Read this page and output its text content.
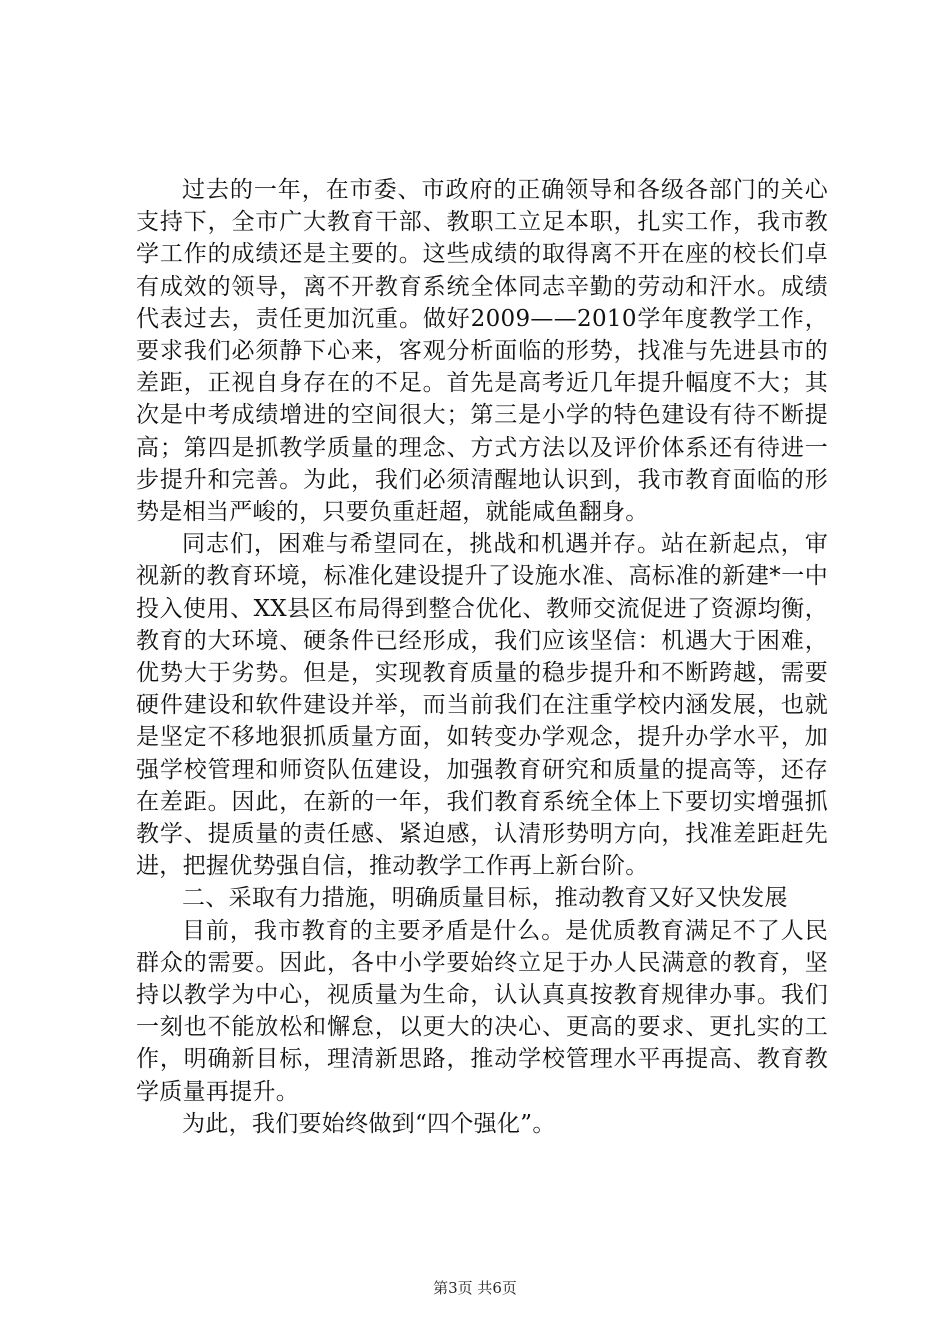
过去的一年，在市委、市政府的正确领导和各级各部门的关心支持下，全市广大教育干部、教职工立足本职，扎实工作，我市教学工作的成绩还是主要的。这些成绩的取得离不开在座的校长们卓有成效的领导，离不开教育系统全体同志辛勤的劳动和汗水。成绩代表过去，责任更加沉重。做好2009——2010学年度教学工作，要求我们必须静下心来，客观分析面临的形势，找准与先进县市的差距，正视自身存在的不足。首先是高考近几年提升幅度不大；其次是中考成绩增进的空间很大；第三是小学的特色建设有待不断提高；第四是抓教学质量的理念、方式方法以及评价体系还有待进一步提升和完善。为此，我们必须清醒地认识到，我市教育面临的形势是相当严峻的，只要负重赶超，就能咸鱼翻身。

同志们，困难与希望同在，挑战和机遇并存。站在新起点，审视新的教育环境，标准化建设提升了设施水准、高标准的新建*一中投入使用、XX县区布局得到整合优化、教师交流促进了资源均衡，教育的大环境、硬条件已经形成，我们应该坚信：机遇大于困难，优势大于劣势。但是，实现教育质量的稳步提升和不断跨越，需要硬件建设和软件建设并举，而当前我们在注重学校内涵发展，也就是坚定不移地狠抓质量方面，如转变办学观念，提升办学水平，加强学校管理和师资队伍建设，加强教育研究和质量的提高等，还存在差距。因此，在新的一年，我们教育系统全体上下要切实增强抓教学、提质量的责任感、紧迫感，认清形势明方向，找准差距赶先进，把握优势强自信，推动教学工作再上新台阶。

二、采取有力措施，明确质量目标，推动教育又好又快发展

目前，我市教育的主要矛盾是什么。是优质教育满足不了人民群众的需要。因此，各中小学要始终立足于办人民满意的教育，坚持以教学为中心，视质量为生命，认认真真按教育规律办事。我们一刻也不能放松和懈怠，以更大的决心、更高的要求、更扎实的工作，明确新目标，理清新思路，推动学校管理水平再提高、教育教学质量再提升。

为此，我们要始终做到“四个强化”。

第3页 共6页
